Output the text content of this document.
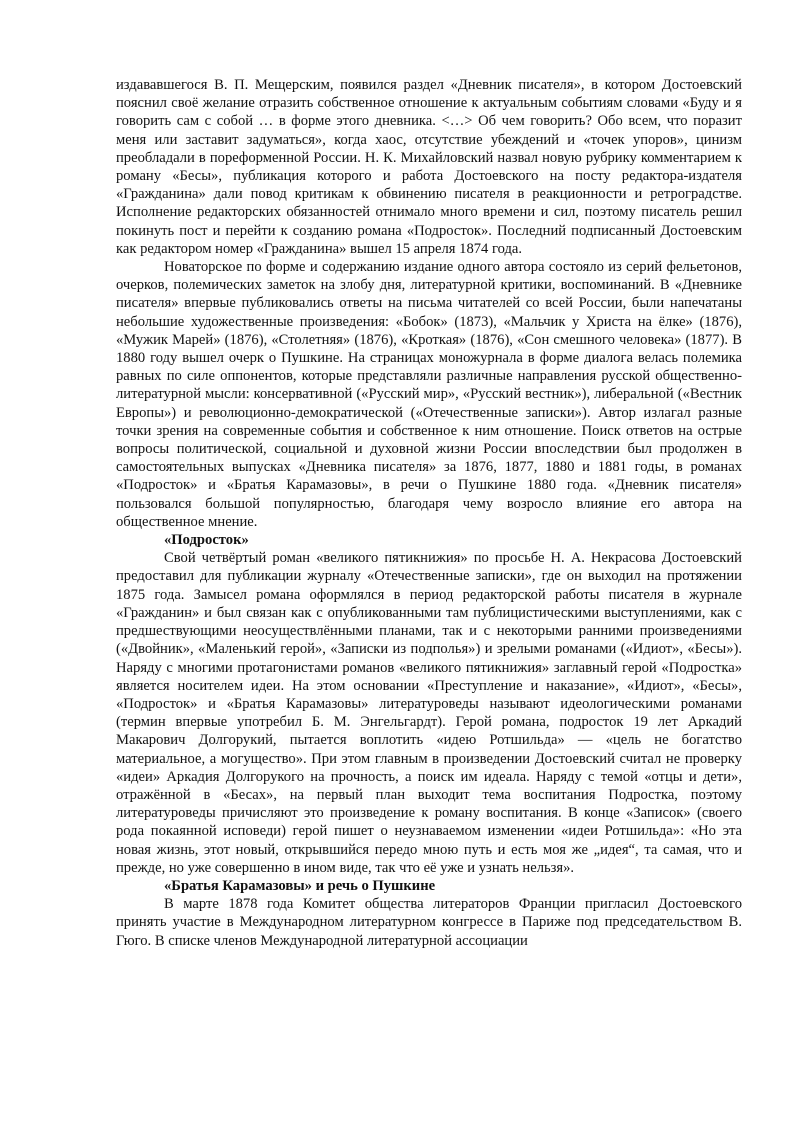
издававшегося В. П. Мещерским, появился раздел «Дневник писателя», в котором Достоевский пояснил своё желание отразить собственное отношение к актуальным событиям словами «Буду и я говорить сам с собой … в форме этого дневника. <…> Об чем говорить? Обо всем, что поразит меня или заставит задуматься», когда хаос, отсутствие убеждений и «точек упоров», цинизм преобладали в пореформенной России. Н. К. Михайловский назвал новую рубрику комментарием к роману «Бесы», публикация которого и работа Достоевского на посту редактора-издателя «Гражданина» дали повод критикам к обвинению писателя в реакционности и ретроградстве. Исполнение редакторских обязанностей отнимало много времени и сил, поэтому писатель решил покинуть пост и перейти к созданию романа «Подросток». Последний подписанный Достоевским как редактором номер «Гражданина» вышел 15 апреля 1874 года.

Новаторское по форме и содержанию издание одного автора состояло из серий фельетонов, очерков, полемических заметок на злобу дня, литературной критики, воспоминаний. В «Дневнике писателя» впервые публиковались ответы на письма читателей со всей России, были напечатаны небольшие художественные произведения: «Бобок» (1873), «Мальчик у Христа на ёлке» (1876), «Мужик Марей» (1876), «Столетняя» (1876), «Кроткая» (1876), «Сон смешного человека» (1877). В 1880 году вышел очерк о Пушкине. На страницах моножурнала в форме диалога велась полемика равных по силе оппонентов, которые представляли различные направления русской общественно-литературной мысли: консервативной («Русский мир», «Русский вестник»), либеральной («Вестник Европы») и революционно-демократической («Отечественные записки»). Автор излагал разные точки зрения на современные события и собственное к ним отношение. Поиск ответов на острые вопросы политической, социальной и духовной жизни России впоследствии был продолжен в самостоятельных выпусках «Дневника писателя» за 1876, 1877, 1880 и 1881 годы, в романах «Подросток» и «Братья Карамазовы», в речи о Пушкине 1880 года. «Дневник писателя» пользовался большой популярностью, благодаря чему возросло влияние его автора на общественное мнение.

«Подросток»

Свой четвёртый роман «великого пятикнижия» по просьбе Н. А. Некрасова Достоевский предоставил для публикации журналу «Отечественные записки», где он выходил на протяжении 1875 года. Замысел романа оформлялся в период редакторской работы писателя в журнале «Гражданин» и был связан как с опубликованными там публицистическими выступлениями, как с предшествующими неосуществлёнными планами, так и с некоторыми ранними произведениями («Двойник», «Маленький герой», «Записки из подполья») и зрелыми романами («Идиот», «Бесы»). Наряду с многими протагонистами романов «великого пятикнижия» заглавный герой «Подростка» является носителем идеи. На этом основании «Преступление и наказание», «Идиот», «Бесы», «Подросток» и «Братья Карамазовы» литературоведы называют идеологическими романами (термин впервые употребил Б. М. Энгельгардт). Герой романа, подросток 19 лет Аркадий Макарович Долгорукий, пытается воплотить «идею Ротшильда» — «цель не богатство материальное, а могущество». При этом главным в произведении Достоевский считал не проверку «идеи» Аркадия Долгорукого на прочность, а поиск им идеала. Наряду с темой «отцы и дети», отражённой в «Бесах», на первый план выходит тема воспитания Подростка, поэтому литературоведы причисляют это произведение к роману воспитания. В конце «Записок» (своего рода покаянной исповеди) герой пишет о неузнаваемом изменении «идеи Ротшильда»: «Но эта новая жизнь, этот новый, открывшийся передо мною путь и есть моя же „идея“, та самая, что и прежде, но уже совершенно в ином виде, так что её уже и узнать нельзя».

«Братья Карамазовы» и речь о Пушкине

В марте 1878 года Комитет общества литераторов Франции пригласил Достоевского принять участие в Международном литературном конгрессе в Париже под председательством В. Гюго. В списке членов Международной литературной ассоциации
